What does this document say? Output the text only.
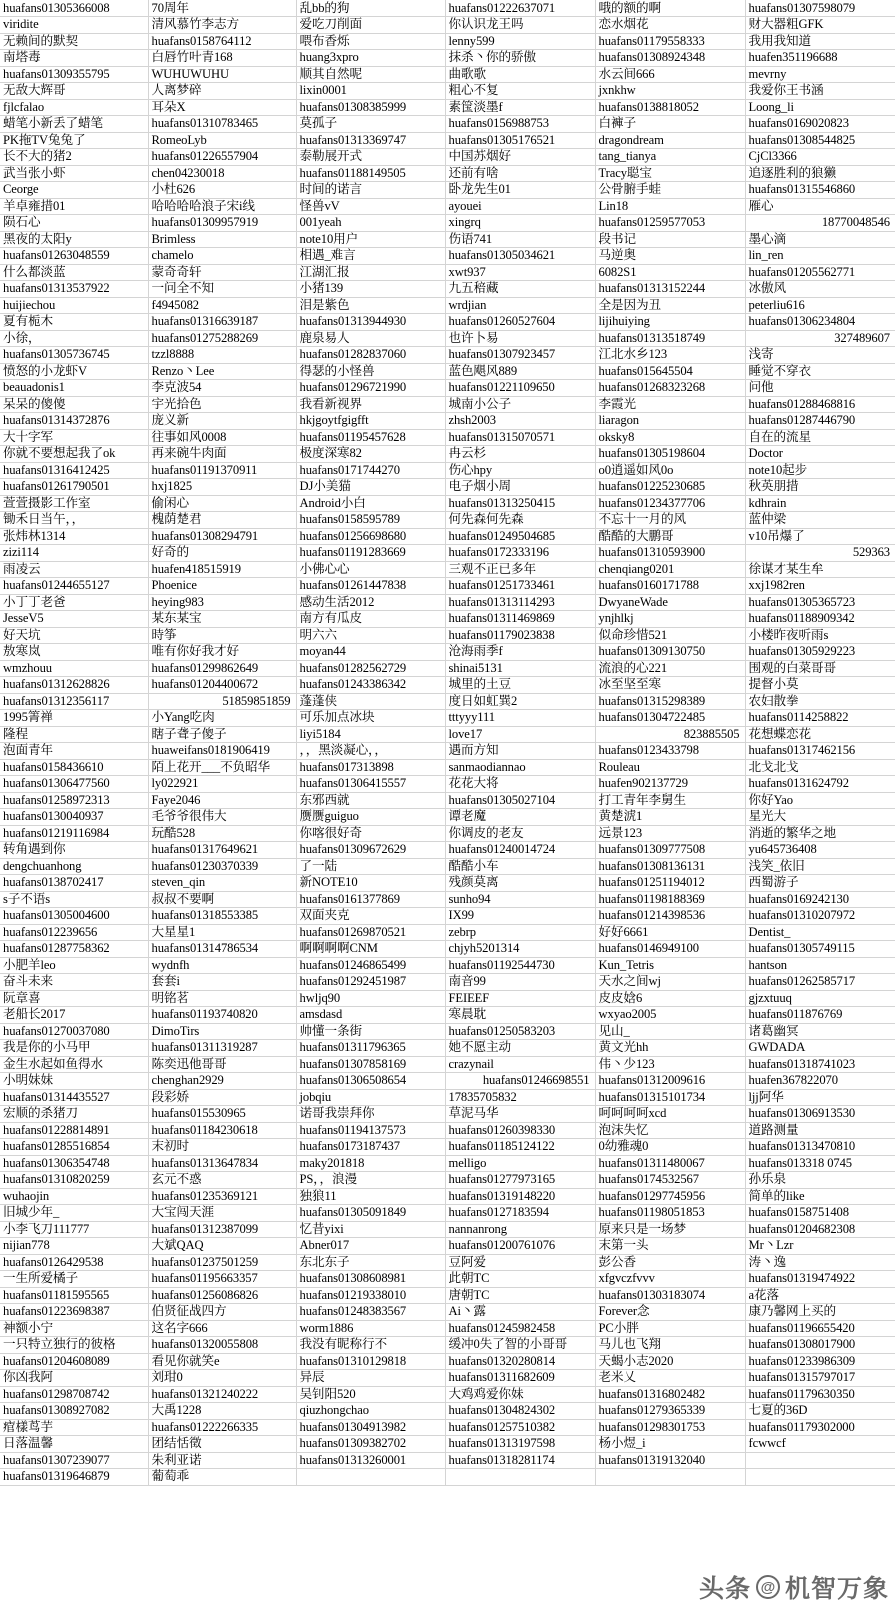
huafans01305366008	70周年	乱bb的狗	huafans01222637071	哦的额的啊	huafans01307598079
viridite	清风慕竹李志方	爱吃刀削面	你认识龙王吗	恋水烟花	财大器粗GFK
无赖间的默契	huafans0158764112	喂布香烁	lenny599	huafans01179558333	我用我知道
南塔毒	白唇竹叶青168	huang3xpro	抹杀丶你的骄傲	huafans01308924348	huafen351196688
huafans01309355795	WUHUWUHU	顺其自然呢	曲歌歌	水云间666	mevrny
无敌大辉哥	人离梦碎	lixin0001	粗心不复	jxnkhw	我爱你王书涵
fjlcfalao	耳朵X	huafans01308385999	素筺淡墨f	huafans0138818052	Loong_li
蜡笔小新丢了蜡笔	huafans01310783465	莫孤子	huafans0156988753	白褲子	huafans0169020823
PK拖TV兔兔了	RomeoLyb	huafans01313369747	huafans01305176521	dragondream	huafans01308544825
长不大的猪2	huafans01226557904	泰勒展开式	中国苏烟好	tang_tianya	CjCl3366
武当张小虾	chen04230018	huafans01188149505	还前有啥	Tracy聪宝	追逐胜利的狼獭
Ceorge	小杜626	时间的诺言	卧龙先生01	公骨腑手蛙	huafans01315546860
羊卓雍措01	哈哈哈哈浪子宋i线	怪兽vV	ayouei	Lin18	雁心
陨石心	huafans01309957919	001yeah	xingrq	huafans01259577053	18770048546
黑夜的太阳y	Brimless	note10用户	伤语741	段书记	墨心滴
huafans01263048559	chamelo	相遇_难言	huafans01305034621	马逆奥	lin_ren
什么都淡蓝	蒙奇奇轩	江湖汇报	xwt937	6082S1	huafans01205562771
huafans01313537922	一问全不知	小猪139	九五稖藏	huafans01313152244	冰傲风
huijiechou	f4945082	泪是紫色	wrdjian	全是因为丑	peterliu616
夏有栀木	huafans01316639187	huafans01313944930	huafans01260527604	lijihuiying	huafans01306234804
小徐，	huafans01275288269	鹿泉易人	也许卜易	huafans01313518749	327489607
huafans01305736745	tzzl8888	huafans01282837060	huafans01307923457	江北水乡123	浅寄
愤怒的小龙虾V	Renzo丶Lee	得瑟的小怪兽	蓝色飓风889	huafans015645504	睡觉不穿衣
beauadonis1	李克波54	huafans01296721990	huafans01221109650	huafans01268323268	问他
呆呆的傻傻	宇光拾色	我看新视界	城南小公子	李霞光	huafans01288468816
huafans01314372876	庞义新	hkjgoytfgigfft	zhsh2003	liaragon	huafans01287446790
大十字军	往事如风0008	huafans01195457628	huafans01315070571	oksky8	自在的流星
你就不要想起我了ok	再来碗牛肉面	极度深寒82	冉云杉	huafans01305198604	Doctor
huafans01316412425	huafans01191370911	huafans0171744270	伤心hpy	o0逍遥如风0o	note10起步
huafans01261790501	hxj1825	DJ小美猫	电子烟小周	huafans01225230685	秋英朋措
萱萱摄影工作室	偷闲心	Android小白	huafans01313250415	huafans01234377706	kdhrain
锄禾日当午，，	槐荫楚君	huafans0158595789	何先森何先森	不忘十一月的风	蓝仲梁
张炜林1314	huafans01308294791	huafans01256698680	huafans01249504685	酷酷的大鹏哥	v10吊爆了
zizi114	好奇的	huafans01191283669	huafans0172333196	huafans01310593900	529363
雨凌云	huafen418515919	小佛心心	三观不正已多年	chenqiang0201	徐谋才某生牟
huafans01244655127	Phoenice	huafans01261447838	huafans01251733461	huafans0160171788	xxj1982ren
小丁丁老爸	heying983	感动生活2012	huafans01313114293	DwyaneWade	huafans01305365723
JesseV5	某东某宝	南方有瓜皮	huafans01311469869	ynjhlkj	huafans01188909342
好天坑	時筝	明六六	huafans01179023838	似命珍惜521	小楼昨夜听雨s
敖寒岚	唯有你好我才好	moyan44	沧海雨季f	huafans01309130750	huafans01305929223
wmzhouu	huafans01299862649	huafans01282562729	shinai5131	流浪的心221	围观的白菜哥哥
huafans01312628826	huafans01204400672	huafans01243386342	城里的土豆	冰至坚至寒	提督小莫
huafans01312356117	51859851859	蓬蓬侠	度日如虹巽2	huafans01315298389	农妇散拳
1995箐禅	小Yang吃肉	可乐加点冰块	tttyyy111	huafans01304722485	huafans0114258822
隆程	瞎子聋子傻子	liyi5184	love17	823885505	花想蝶恋花
泡面青年	huaweifans0181906419	，，黑淡凝心，，	遇而方知	huafans0123433798	huafans01317462156
huafans0158436610	陌上花开___不负昭华	huafans017313898	sanmaodiannao	Rouleau	北戈北戈
huafans01306477560	ly022921	huafans01306415557	花花大将	huafen902137729	huafans0131624792
huafans01258972313	Faye2046	东邪西就	huafans01305027104	打工青年李舅生	你好Yao
huafans0130040937	毛爷爷很伟大	赝赝guiguo	谭老魔	黄楚淲1	星光大
huafans01219116984	玩酷528	你喀很好奇	你调皮的老友	远景123	消逝的繁华之地
转角遇到你	huafans01317649621	huafans01309672629	huafans01240014724	huafans01309777508	yu645736408
dengchuanhong	huafans01230370339	了一陆	酷酷小车	huafans01308136131	浅笑_依旧
huafans0138702417	steven_qin	新NOTE10	残颜莫离	huafans01251194012	西蜀游子
s子不语s	叔叔不要啊	huafans0161377869	sunho94	huafans01198188369	huafans0169242130
huafans01305004600	huafans01318553385	双面夹克	IX99	huafans01214398536	huafans01310207972
huafans012239656	大星星1	huafans01269870521	zebrp	好好6661	Dentist_
huafans01287758362	huafans01314786534	啊啊啊啊CNM	chjyh5201314	huafans0146949100	huafans01305749115
小肥羊leo	wydnfh	huafans01246865499	huafans01192544730	Kun_Tetris	hantson
奋斗未来	套套i	huafans01292451987	南音99	天水之间wj	huafans01262585717
阮章喜	明铭茗	hwljq90	FEIEEF	皮皮娢6	gjzxtuuq
老船长2017	huafans01193740820	amsdasd	寒晨耽	wxyao2005	huafans011876769
huafans01270037080	DimoTirs	帅懂一条街	huafans01250583203	见山_	诸葛幽冥
我是你的小马甲	huafans01311319287	huafans01311796365	她不愿主动	黄文光hh	GWDADA
金生水起如鱼得水	陈奕迅他哥哥	huafans01307858169	crazynail	伟丶少123	huafans01318741023
小明妹妹	chenghan2929	huafans01306508654	huafans01246698551	huafans01312009616	huafen367822070
huafans01314435527	段彩娇	jobqiu	17835705832	huafans01315101734	ljj阿华
宏顺的杀猪刀	huafans015530965	诺哥我崇拜你	草泥马华	呵呵呵呵xcd	huafans01306913530
huafans01228814891	huafans01184230618	huafans01194137573	huafans01260398330	泡沫失忆	道路测量
huafans01285516854	末初时	huafans0173187437	huafans01185124122	0幼雅魂0	huafans01313470810
huafans01306354748	huafans01313647834	maky201818	melligo	huafans01311480067	huafans013318 0745
huafans01310820259	玄元不惑	PS，，浪漫	huafans01277973165	huafans0174532567	孙乐泉
wuhaojin	huafans01235369121	独狼11	huafans01319148220	huafans01297745956	简单的like
旧城少年_	大宝闯天涯	huafans01305091849	huafans0127183594	huafans01198051853	huafans0158751408
小李飞刀111777	huafans01312387099	忆昔yixi	nannanrong	原来只是一场梦	huafans01204682308
nijian778	大斌QAQ	Abner017	huafans01200761076	末第一头	Mr丶Lzr
huafans0126429538	huafans01237501259	东北东子	豆阿爱	彭公香	涛丶逸
一生所爱橘子	huafans01195663357	huafans01308608981	此朝TC	xfgvczfvvv	huafans01319474922
huafans01181595565	huafans01256086826	huafans01219338010	唐朝TC	huafans01303183074	a花落
huafans01223698387	伯贤征战四方	huafans01248383567	Ai丶露	Forever念	康乃馨网上买的
神额小宁	这名字666	worm1886	huafans01245982458	PC小胖	huafans01196655420
一只特立独行的彼格	huafans01320055808	我没有昵称行不	缓冲0失了智的小哥哥	马儿也飞翔	huafans01308017900
huafans01204608089	看见你就笑e	huafans01310129818	huafans01320280814	天蝎小志2020	huafans01233986309
你凶我阿	刘玵0	异辰	huafans01311682609	老米乂	huafans01315797017
huafans01298708742	huafans01321240222	吴钊阳520	大鸡鸡爱你妹	huafans01316802482	huafans01179630350
huafans01308927082	大禹1228	qiuzhongchao	huafans01304824302	huafans01279365339	七夏的36D
痯樣茑芋	huafans01222266335	huafans01304913982	huafans01257510382	huafans01298301753	huafans01179302000
日落温馨	团结恬徵	huafans01309382702	huafans01313197598	杨小煜_i	fcwwcf
huafans01307239077	朱利亚诺	huafans01313260001	huafans01318281174	huafans01319132040	
huafans01319646879	葡萄乖				
头条 @ 机智万象
